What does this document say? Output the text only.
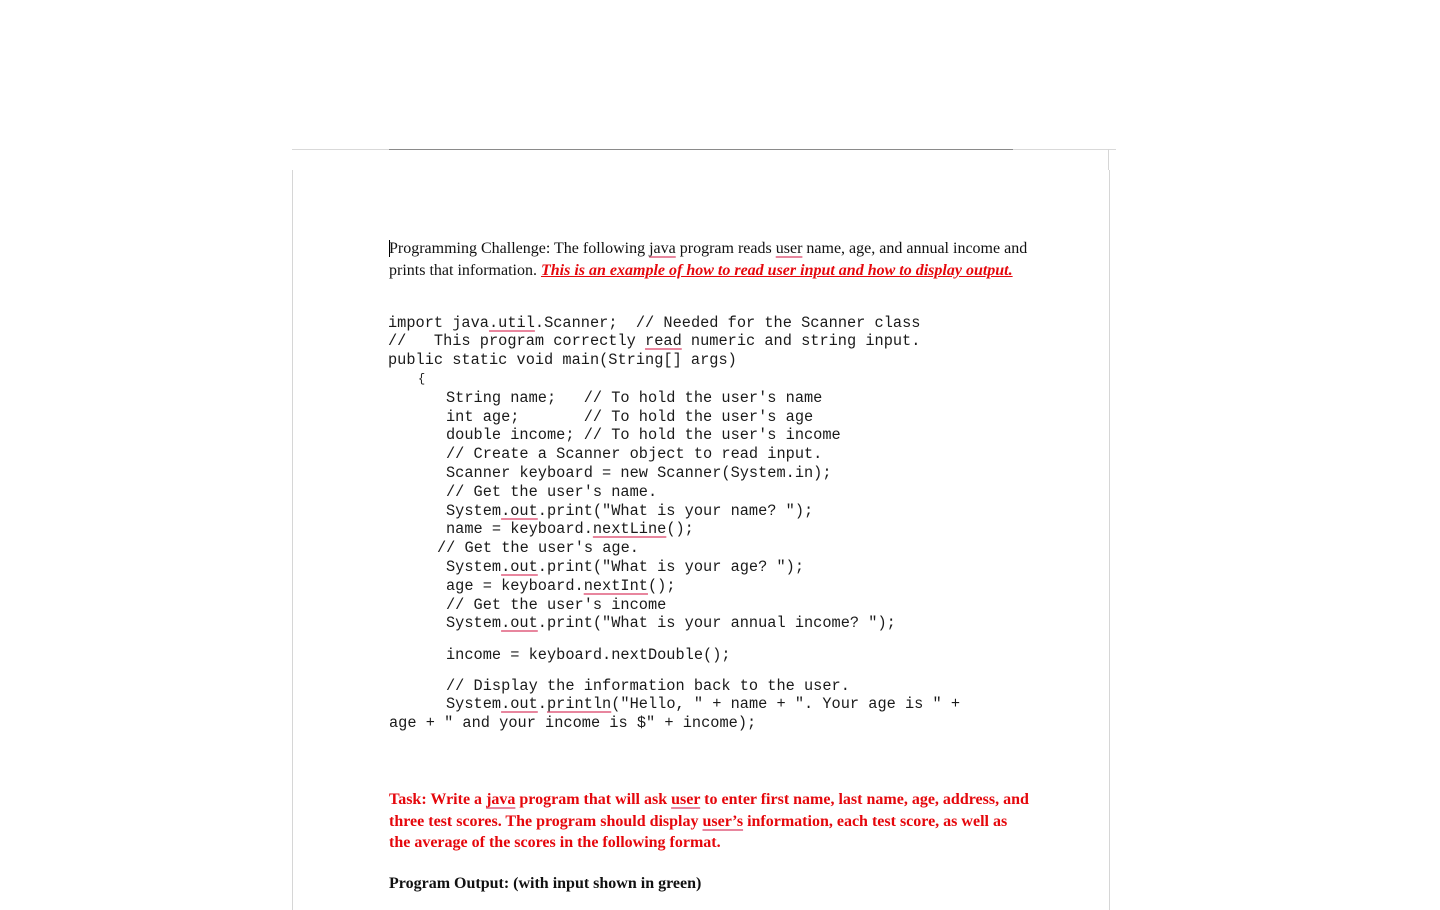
Programming Challenge: The following java program reads user name, age, and annual income and prints that information. This is an example of how to read user input and how to display output.

import java.util.Scanner;  // Needed for the Scanner class

//   This program correctly read numeric and string input.

public static void main(String[] args)

{

String name;   // To hold the user's name

int age;       // To hold the user's age

double income; // To hold the user's income

// Create a Scanner object to read input.

Scanner keyboard = new Scanner(System.in);

// Get the user's name.

System.out.print("What is your name? ");

name = keyboard.nextLine();

// Get the user's age.

System.out.print("What is your age? ");

age = keyboard.nextInt();

// Get the user's income

System.out.print("What is your annual income? ");

income = keyboard.nextDouble();

// Display the information back to the user.

System.out.println("Hello, " + name + ". Your age is " +

age + " and your income is $" + income);

Task: Write a java program that will ask user to enter first name, last name, age, address, and three test scores. The program should display user’s information, each test score, as well as the average of the scores in the following format.
Program Output: (with input shown in green)
